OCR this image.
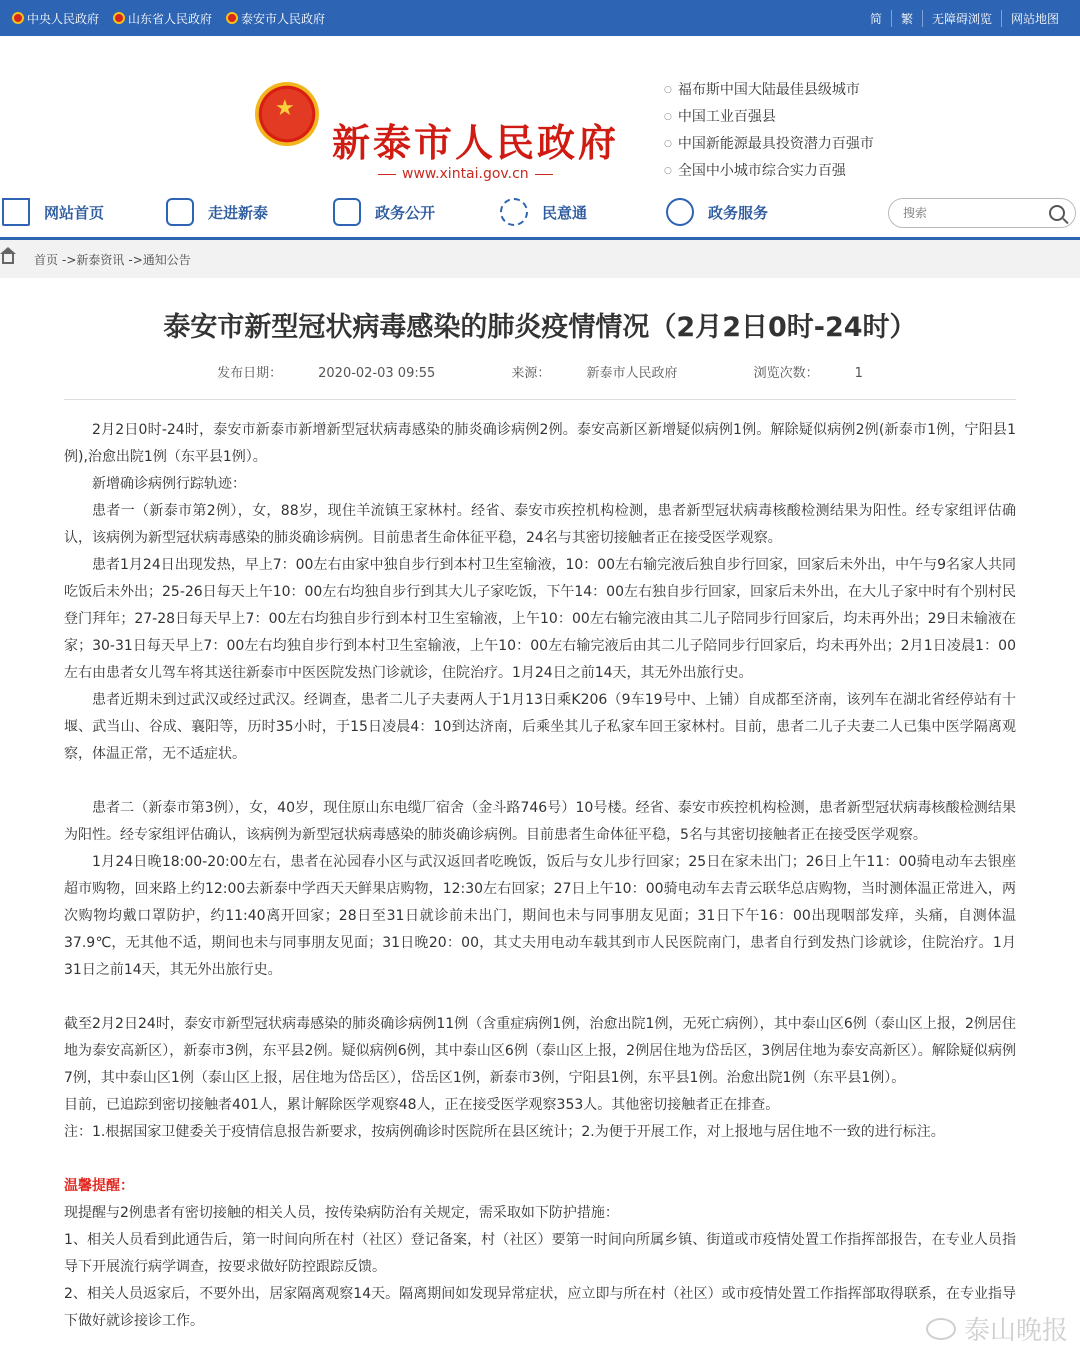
中央人民政府 山东省人民政府 泰安市人民政府	简	繁	无障碍浏览	网站地图
★
新泰市人民政府
www.xintai.gov.cn
○ 福布斯中国大陆最佳县级城市
○ 中国工业百强县
○ 中国新能源最具投资潜力百强市
○ 全国中小城市综合实力百强
○
网站首页	走进新泰	政务公开	民意通	政务服务
搜索
首页 ->新泰资讯 ->通知公告
泰安市新型冠状病毒感染的肺炎疫情情况（2月2日0时-24时）
发布日期：	2020-02-03 09:55	来源：	新泰市人民政府	浏览次数：	1

2月2日0时-24时，泰安市新泰市新增新型冠状病毒感染的肺炎确诊病例2例。泰安高新区新增疑似病例1例。解除疑似病例2例(新泰市1例，宁阳县1例),治愈出院1例（东平县1例）。

新增确诊病例行踪轨迹：

患者一（新泰市第2例），女，88岁，现住羊流镇王家林村。经省、泰安市疾控机构检测，患者新型冠状病毒核酸检测结果为阳性。经专家组评估确认，该病例为新型冠状病毒感染的肺炎确诊病例。目前患者生命体征平稳，24名与其密切接触者正在接受医学观察。

患者1月24日出现发热，早上7：00左右由家中独自步行到本村卫生室输液，10：00左右输完液后独自步行回家，回家后未外出，中午与9名家人共同吃饭后未外出；25-26日每天上午10：00左右均独自步行到其大儿子家吃饭，下午14：00左右独自步行回家，回家后未外出，在大儿子家中时有个别村民登门拜年；27-28日每天早上7：00左右均独自步行到本村卫生室输液，上午10：00左右输完液由其二儿子陪同步行回家后，均未再外出；29日未输液在家；30-31日每天早上7：00左右均独自步行到本村卫生室输液，上午10：00左右输完液后由其二儿子陪同步行回家后，均未再外出；2月1日凌晨1：00左右由患者女儿驾车将其送往新泰市中医医院发热门诊就诊，住院治疗。1月24日之前14天，其无外出旅行史。

患者近期未到过武汉或经过武汉。经调查，患者二儿子夫妻两人于1月13日乘K206（9车19号中、上铺）自成都至济南，该列车在湖北省经停站有十堰、武当山、谷成、襄阳等，历时35小时，于15日凌晨4：10到达济南，后乘坐其儿子私家车回王家林村。目前，患者二儿子夫妻二人已集中医学隔离观察，体温正常，无不适症状。

患者二（新泰市第3例），女，40岁，现住原山东电缆厂宿舍（金斗路746号）10号楼。经省、泰安市疾控机构检测，患者新型冠状病毒核酸检测结果为阳性。经专家组评估确认，该病例为新型冠状病毒感染的肺炎确诊病例。目前患者生命体征平稳，5名与其密切接触者正在接受医学观察。

1月24日晚18:00-20:00左右，患者在沁园春小区与武汉返回者吃晚饭，饭后与女儿步行回家；25日在家未出门；26日上午11：00骑电动车去银座超市购物，回来路上约12:00去新泰中学西天天鲜果店购物，12:30左右回家；27日上午10：00骑电动车去青云联华总店购物，当时测体温正常进入，两次购物均戴口罩防护，约11:40离开回家；28日至31日就诊前未出门，期间也未与同事朋友见面；31日下午16：00出现咽部发痒，头痛，自测体温37.9℃，无其他不适，期间也未与同事朋友见面；31日晚20：00，其丈夫用电动车载其到市人民医院南门，患者自行到发热门诊就诊，住院治疗。1月31日之前14天，其无外出旅行史。

截至2月2日24时，泰安市新型冠状病毒感染的肺炎确诊病例11例（含重症病例1例，治愈出院1例，无死亡病例），其中泰山区6例（泰山区上报，2例居住地为泰安高新区），新泰市3例，东平县2例。疑似病例6例，其中泰山区6例（泰山区上报，2例居住地为岱岳区，3例居住地为泰安高新区）。解除疑似病例7例，其中泰山区1例（泰山区上报，居住地为岱岳区），岱岳区1例，新泰市3例，宁阳县1例，东平县1例。治愈出院1例（东平县1例）。

目前，已追踪到密切接触者401人，累计解除医学观察48人，正在接受医学观察353人。其他密切接触者正在排查。

注：1.根据国家卫健委关于疫情信息报告新要求，按病例确诊时医院所在县区统计；2.为便于开展工作，对上报地与居住地不一致的进行标注。

温馨提醒：

现提醒与2例患者有密切接触的相关人员，按传染病防治有关规定，需采取如下防护措施：

1、相关人员看到此通告后，第一时间向所在村（社区）登记备案，村（社区）要第一时间向所属乡镇、街道或市疫情处置工作指挥部报告，在专业人员指导下开展流行病学调查，按要求做好防控跟踪反馈。

2、相关人员返家后，不要外出，居家隔离观察14天。隔离期间如发现异常症状，应立即与所在村（社区）或市疫情处置工作指挥部取得联系，在专业指导下做好就诊接诊工作。	泰山晚报
